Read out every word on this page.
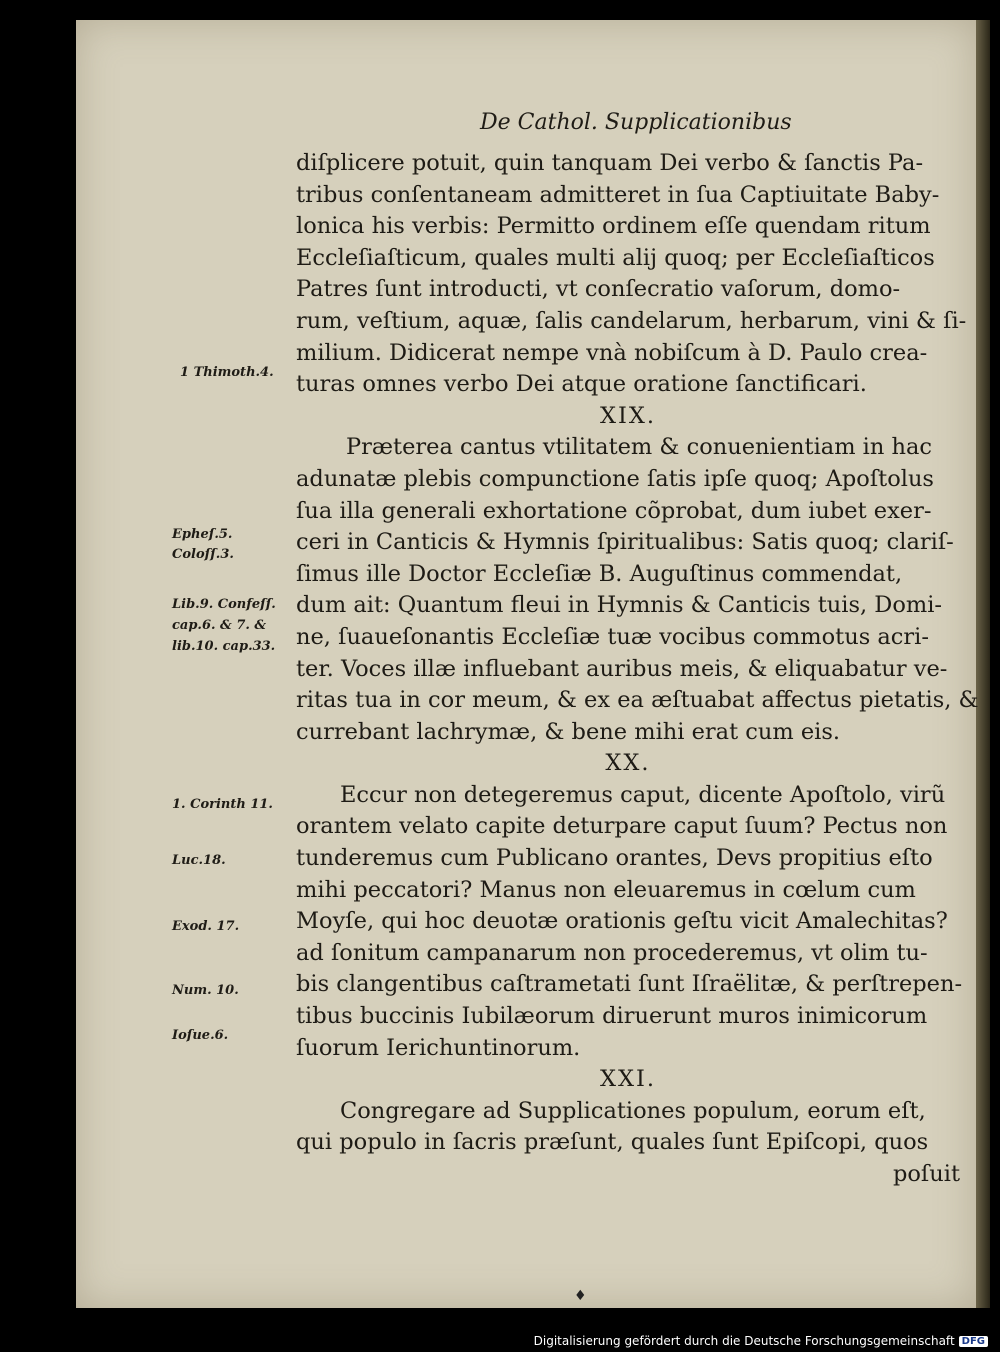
De Cathol. Supplicationibus
diſplicere potuit, quin tanquam Dei verbo & ſanctis Pa-
tribus conſentaneam admitteret in ſua Captiuitate Baby-
lonica his verbis: Permitto ordinem eſſe quendam ritum
Eccleſiaſticum, quales multi alij quoq; per Eccleſiaſticos
Patres ſunt introducti, vt conſecratio vaſorum, domo-
rum, veſtium, aquæ, ſalis candelarum, herbarum, vini & ſi-
milium. Didicerat nempe vnà nobiſcum à D. Paulo crea-
turas omnes verbo Dei atque oratione ſanctificari.
XIX.
Præterea cantus vtilitatem & conuenientiam in hac
adunatæ plebis compunctione ſatis ipſe quoq; Apoſtolus
ſua illa generali exhortatione cõprobat, dum iubet exer-
ceri in Canticis & Hymnis ſpiritualibus: Satis quoq; clariſ-
ſimus ille Doctor Eccleſiæ B. Auguſtinus commendat,
dum ait: Quantum fleui in Hymnis & Canticis tuis, Domi-
ne, ſuaueſonantis Eccleſiæ tuæ vocibus commotus acri-
ter. Voces illæ influebant auribus meis, & eliquabatur ve-
ritas tua in cor meum, & ex ea æſtuabat affectus pietatis, &
currebant lachrymæ, & bene mihi erat cum eis.
XX.
Eccur non detegeremus caput, dicente Apoſtolo, virũ
orantem velato capite deturpare caput ſuum? Pectus non
tunderemus cum Publicano orantes, Devs propitius eſto
mihi peccatori? Manus non eleuaremus in cœlum cum
Moyſe, qui hoc deuotæ orationis geſtu vicit Amalechitas?
ad ſonitum campanarum non procederemus, vt olim tu-
bis clangentibus caſtrametati ſunt Iſraëlitæ, & perſtrepen-
tibus buccinis Iubilæorum diruerunt muros inimicorum
ſuorum Ierichuntinorum.
XXI.
Congregare ad Supplicationes populum, eorum eſt,
qui populo in ſacris præſunt, quales ſunt Epiſcopi, quos
poſuit
1 Thimoth.4.
Epheſ.5.
Coloſſ.3.
Lib.9. Confeſſ.
cap.6. & 7. &
lib.10. cap.33.
1. Corinth 11.
Luc.18.
Exod. 17.
Num. 10.
Ioſue.6.
♦
Digitalisierung gefördert durch die Deutsche Forschungsgemeinschaft DFG
